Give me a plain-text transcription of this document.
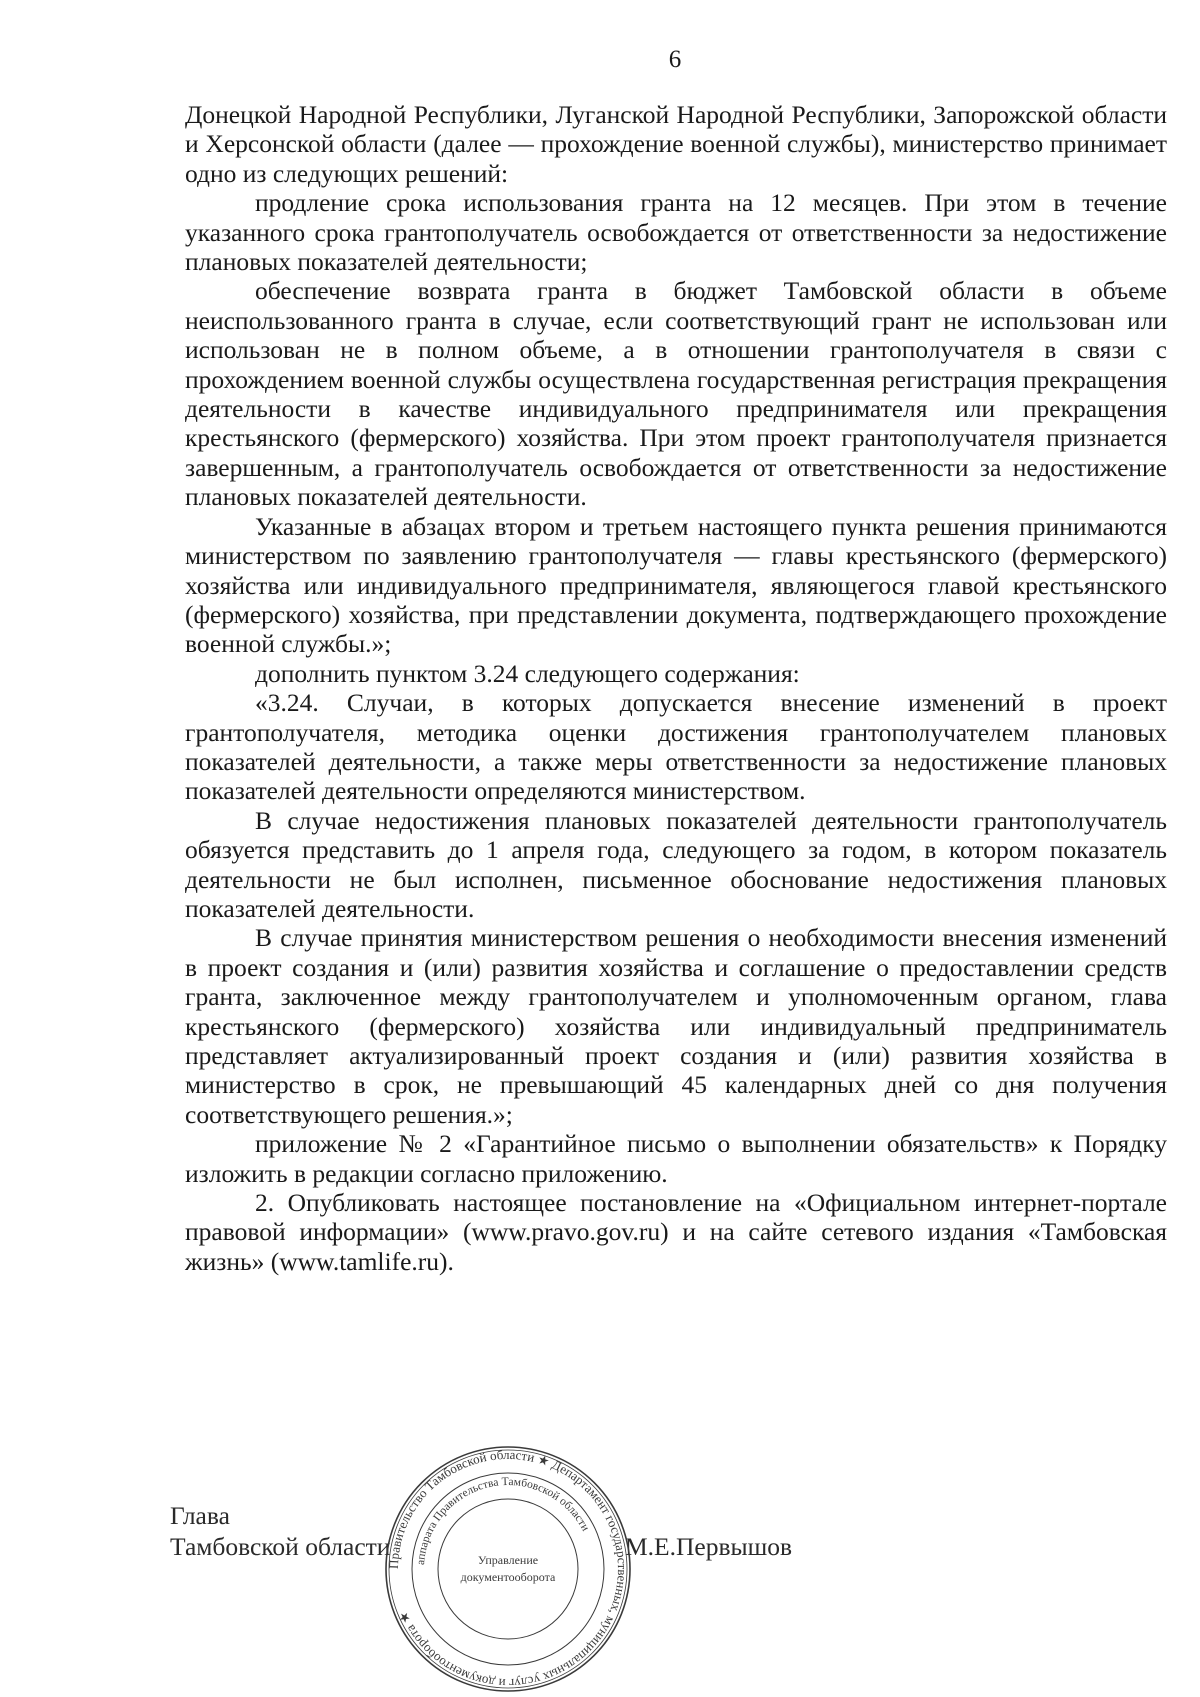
6

Донецкой Народной Республики, Луганской Народной Республики, Запорожской области и Херсонской области (далее — прохождение военной службы), министерство принимает одно из следующих решений:

продление срока использования гранта на 12 месяцев. При этом в течение указанного срока грантополучатель освобождается от ответственности за недостижение плановых показателей деятельности;

обеспечение возврата гранта в бюджет Тамбовской области в объеме неиспользованного гранта в случае, если соответствующий грант не использован или использован не в полном объеме, а в отношении грантополучателя в связи с прохождением военной службы осуществлена государственная регистрация прекращения деятельности в качестве индивидуального предпринимателя или прекращения крестьянского (фермерского) хозяйства. При этом проект грантополучателя признается завершенным, а грантополучатель освобождается от ответственности за недостижение плановых показателей деятельности.

Указанные в абзацах втором и третьем настоящего пункта решения принимаются министерством по заявлению грантополучателя — главы крестьянского (фермерского) хозяйства или индивидуального предпринимателя, являющегося главой крестьянского (фермерского) хозяйства, при представлении документа, подтверждающего прохождение военной службы.»;

дополнить пунктом 3.24 следующего содержания:

«3.24. Случаи, в которых допускается внесение изменений в проект грантополучателя, методика оценки достижения грантополучателем плановых показателей деятельности, а также меры ответственности за недостижение плановых показателей деятельности определяются министерством.

В случае недостижения плановых показателей деятельности грантополучатель обязуется представить до 1 апреля года, следующего за годом, в котором показатель деятельности не был исполнен, письменное обоснование недостижения плановых показателей деятельности.

В случае принятия министерством решения о необходимости внесения изменений в проект создания и (или) развития хозяйства и соглашение о предоставлении средств гранта, заключенное между грантополучателем и уполномоченным органом, глава крестьянского (фермерского) хозяйства или индивидуальный предприниматель представляет актуализированный проект создания и (или) развития хозяйства в министерство в срок, не превышающий 45 календарных дней со дня получения соответствующего решения.»;

приложение № 2 «Гарантийное письмо о выполнении обязательств» к Порядку изложить в редакции согласно приложению.

2. Опубликовать настоящее постановление на «Официальном интернет-портале правовой информации» (www.pravo.gov.ru) и на сайте сетевого издания «Тамбовская жизнь» (www.tamlife.ru).

Глава
Тамбовской области	М.Е.Первышов
Правительство Тамбовской области ★ Департамент государственных, муниципальных услуг и документооборота ★
аппарата Правительства Тамбовской области
Управление
документооборота
